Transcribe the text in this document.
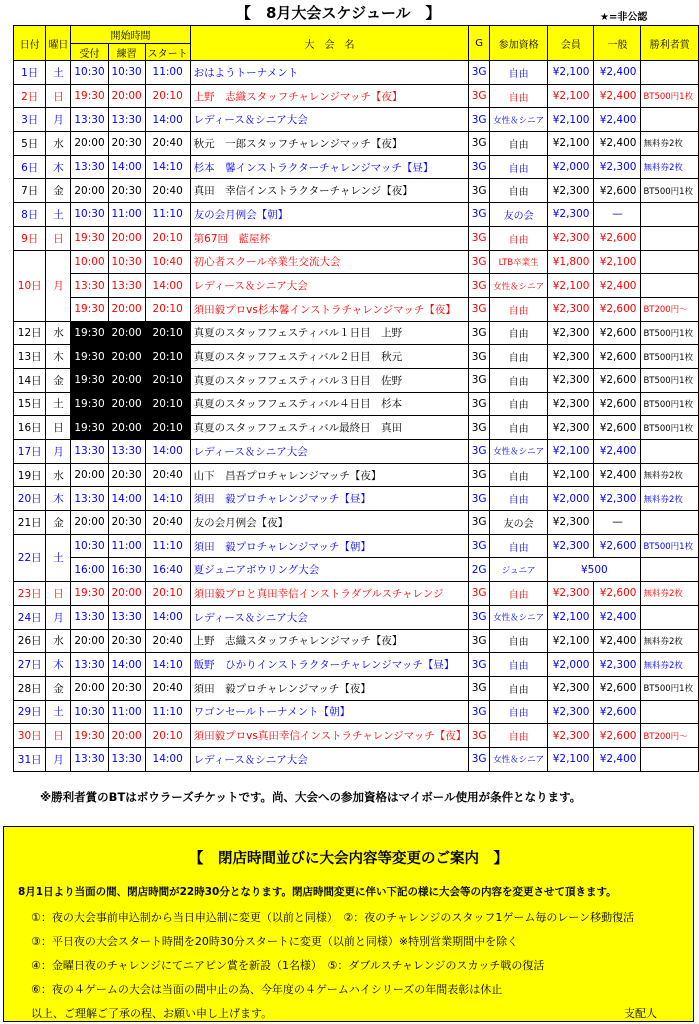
【　8月大会スケジュール　】	★=非公認
日付	曜日	開始時間			大　会　名	G	参加資格	会員	一般	勝利者賞
		受付	練習	スタート						
1日	土	10:30	10:30	11:00	おはようトーナメント	3G	自由	¥2,100	¥2,400	
2日	日	19:30	20:00	20:10	上野　志織スタッフチャレンジマッチ【夜】	3G	自由	¥2,100	¥2,400	BT500円1枚
3日	月	13:30	13:30	14:00	レディース＆シニア大会	3G	女性＆シニア	¥2,100	¥2,400	
5日	水	20:00	20:30	20:40	秋元　一郎スタッフチャレンジマッチ【夜】	3G	自由	¥2,100	¥2,400	無料券2枚
6日	木	13:30	14:00	14:10	杉本　馨インストラクターチャレンジマッチ【昼】	3G	自由	¥2,000	¥2,300	無料券2枚
7日	金	20:00	20:30	20:40	真田　幸信インストラクターチャレンジ【夜】	3G	自由	¥2,300	¥2,600	BT500円1枚
8日	土	10:30	11:00	11:10	友の会月例会【朝】	3G	友の会	¥2,300	—	
9日	日	19:30	20:00	20:10	第67回　藍屋杯	3G	自由	¥2,300	¥2,600	
10日	月	10:00	10:30	10:40	初心者スクール卒業生交流大会	3G	LTB卒業生	¥1,800	¥2,100	
		13:30	13:30	14:00	レディース＆シニア大会	3G	女性＆シニア	¥2,100	¥2,400	
		19:30	20:00	20:10	須田毅プロvs杉本馨インストラチャレンジマッチ【夜】	3G	自由	¥2,300	¥2,600	BT200円～
12日	水	19:30	20:00	20:10	真夏のスタッフフェスティバル１日目　上野	3G	自由	¥2,300	¥2,600	BT500円1枚
13日	木	19:30	20:00	20:10	真夏のスタッフフェスティバル２日目　秋元	3G	自由	¥2,300	¥2,600	BT500円1枚
14日	金	19:30	20:00	20:10	真夏のスタッフフェスティバル３日目　佐野	3G	自由	¥2,300	¥2,600	BT500円1枚
15日	土	19:30	20:00	20:10	真夏のスタッフフェスティバル４日目　杉本	3G	自由	¥2,300	¥2,600	BT500円1枚
16日	日	19:30	20:00	20:10	真夏のスタッフフェスティバル最終日　真田	3G	自由	¥2,300	¥2,600	BT500円1枚
17日	月	13:30	13:30	14:00	レディース＆シニア大会	3G	女性＆シニア	¥2,100	¥2,400	
19日	水	20:00	20:30	20:40	山下　昌吾プロチャレンジマッチ【夜】	3G	自由	¥2,100	¥2,400	無料券2枚
20日	木	13:30	14:00	14:10	須田　毅プロチャレンジマッチ【昼】	3G	自由	¥2,000	¥2,300	無料券2枚
21日	金	20:00	20:30	20:40	友の会月例会【夜】	3G	友の会	¥2,300	—	
22日	土	10:30	11:00	11:10	須田　毅プロチャレンジマッチ【朝】	3G	自由	¥2,300	¥2,600	BT500円1枚
		16:00	16:30	16:40	夏ジュニアボウリング大会	2G	ジュニア	¥500		
23日	日	19:30	20:00	20:10	須田毅プロと真田幸信インストラダブルスチャレンジ	3G	自由	¥2,300	¥2,600	無料券2枚
24日	月	13:30	13:30	14:00	レディース＆シニア大会	3G	女性＆シニア	¥2,100	¥2,400	
26日	水	20:00	20:30	20:40	上野　志織スタッフチャレンジマッチ【夜】	3G	自由	¥2,100	¥2,400	無料券2枚
27日	木	13:30	14:00	14:10	飯野　ひかりインストラクターチャレンジマッチ【昼】	3G	自由	¥2,000	¥2,300	無料券2枚
28日	金	20:00	20:30	20:40	須田　毅プロチャレンジマッチ【夜】	3G	自由	¥2,300	¥2,600	BT500円1枚
29日	土	10:30	11:00	11:10	ワゴンセールトーナメント【朝】	3G	自由	¥2,300	¥2,600	
30日	日	19:30	20:00	20:10	須田毅プロvs真田幸信インストラチャレンジマッチ【夜】	3G	自由	¥2,300	¥2,600	BT200円～
31日	月	13:30	13:30	14:00	レディース＆シニア大会	3G	女性＆シニア	¥2,100	¥2,400	
※勝利者賞のBTはボウラーズチケットです。尚、大会への参加資格はマイボール使用が条件となります。
【　閉店時間並びに大会内容等変更のご案内　】
8月1日より当面の間、閉店時間が22時30分となります。閉店時間変更に伴い下記の様に大会等の内容を変更させて頂きます。
①：夜の大会事前申込制から当日申込制に変更（以前と同様）　②：夜のチャレンジのスタッフ1ゲーム毎のレーン移動復活
③：平日夜の大会スタート時間を20時30分スタートに変更（以前と同様）※特別営業期間中を除く
④：金曜日夜のチャレンジにてニアピン賞を新設（1名様）　⑤：ダブルスチャレンジのスカッチ戦の復活
⑥：夜の４ゲームの大会は当面の間中止の為、今年度の４ゲームハイシリーズの年間表彰は休止
以上、ご理解ご了承の程、お願い申し上げます。	支配人
